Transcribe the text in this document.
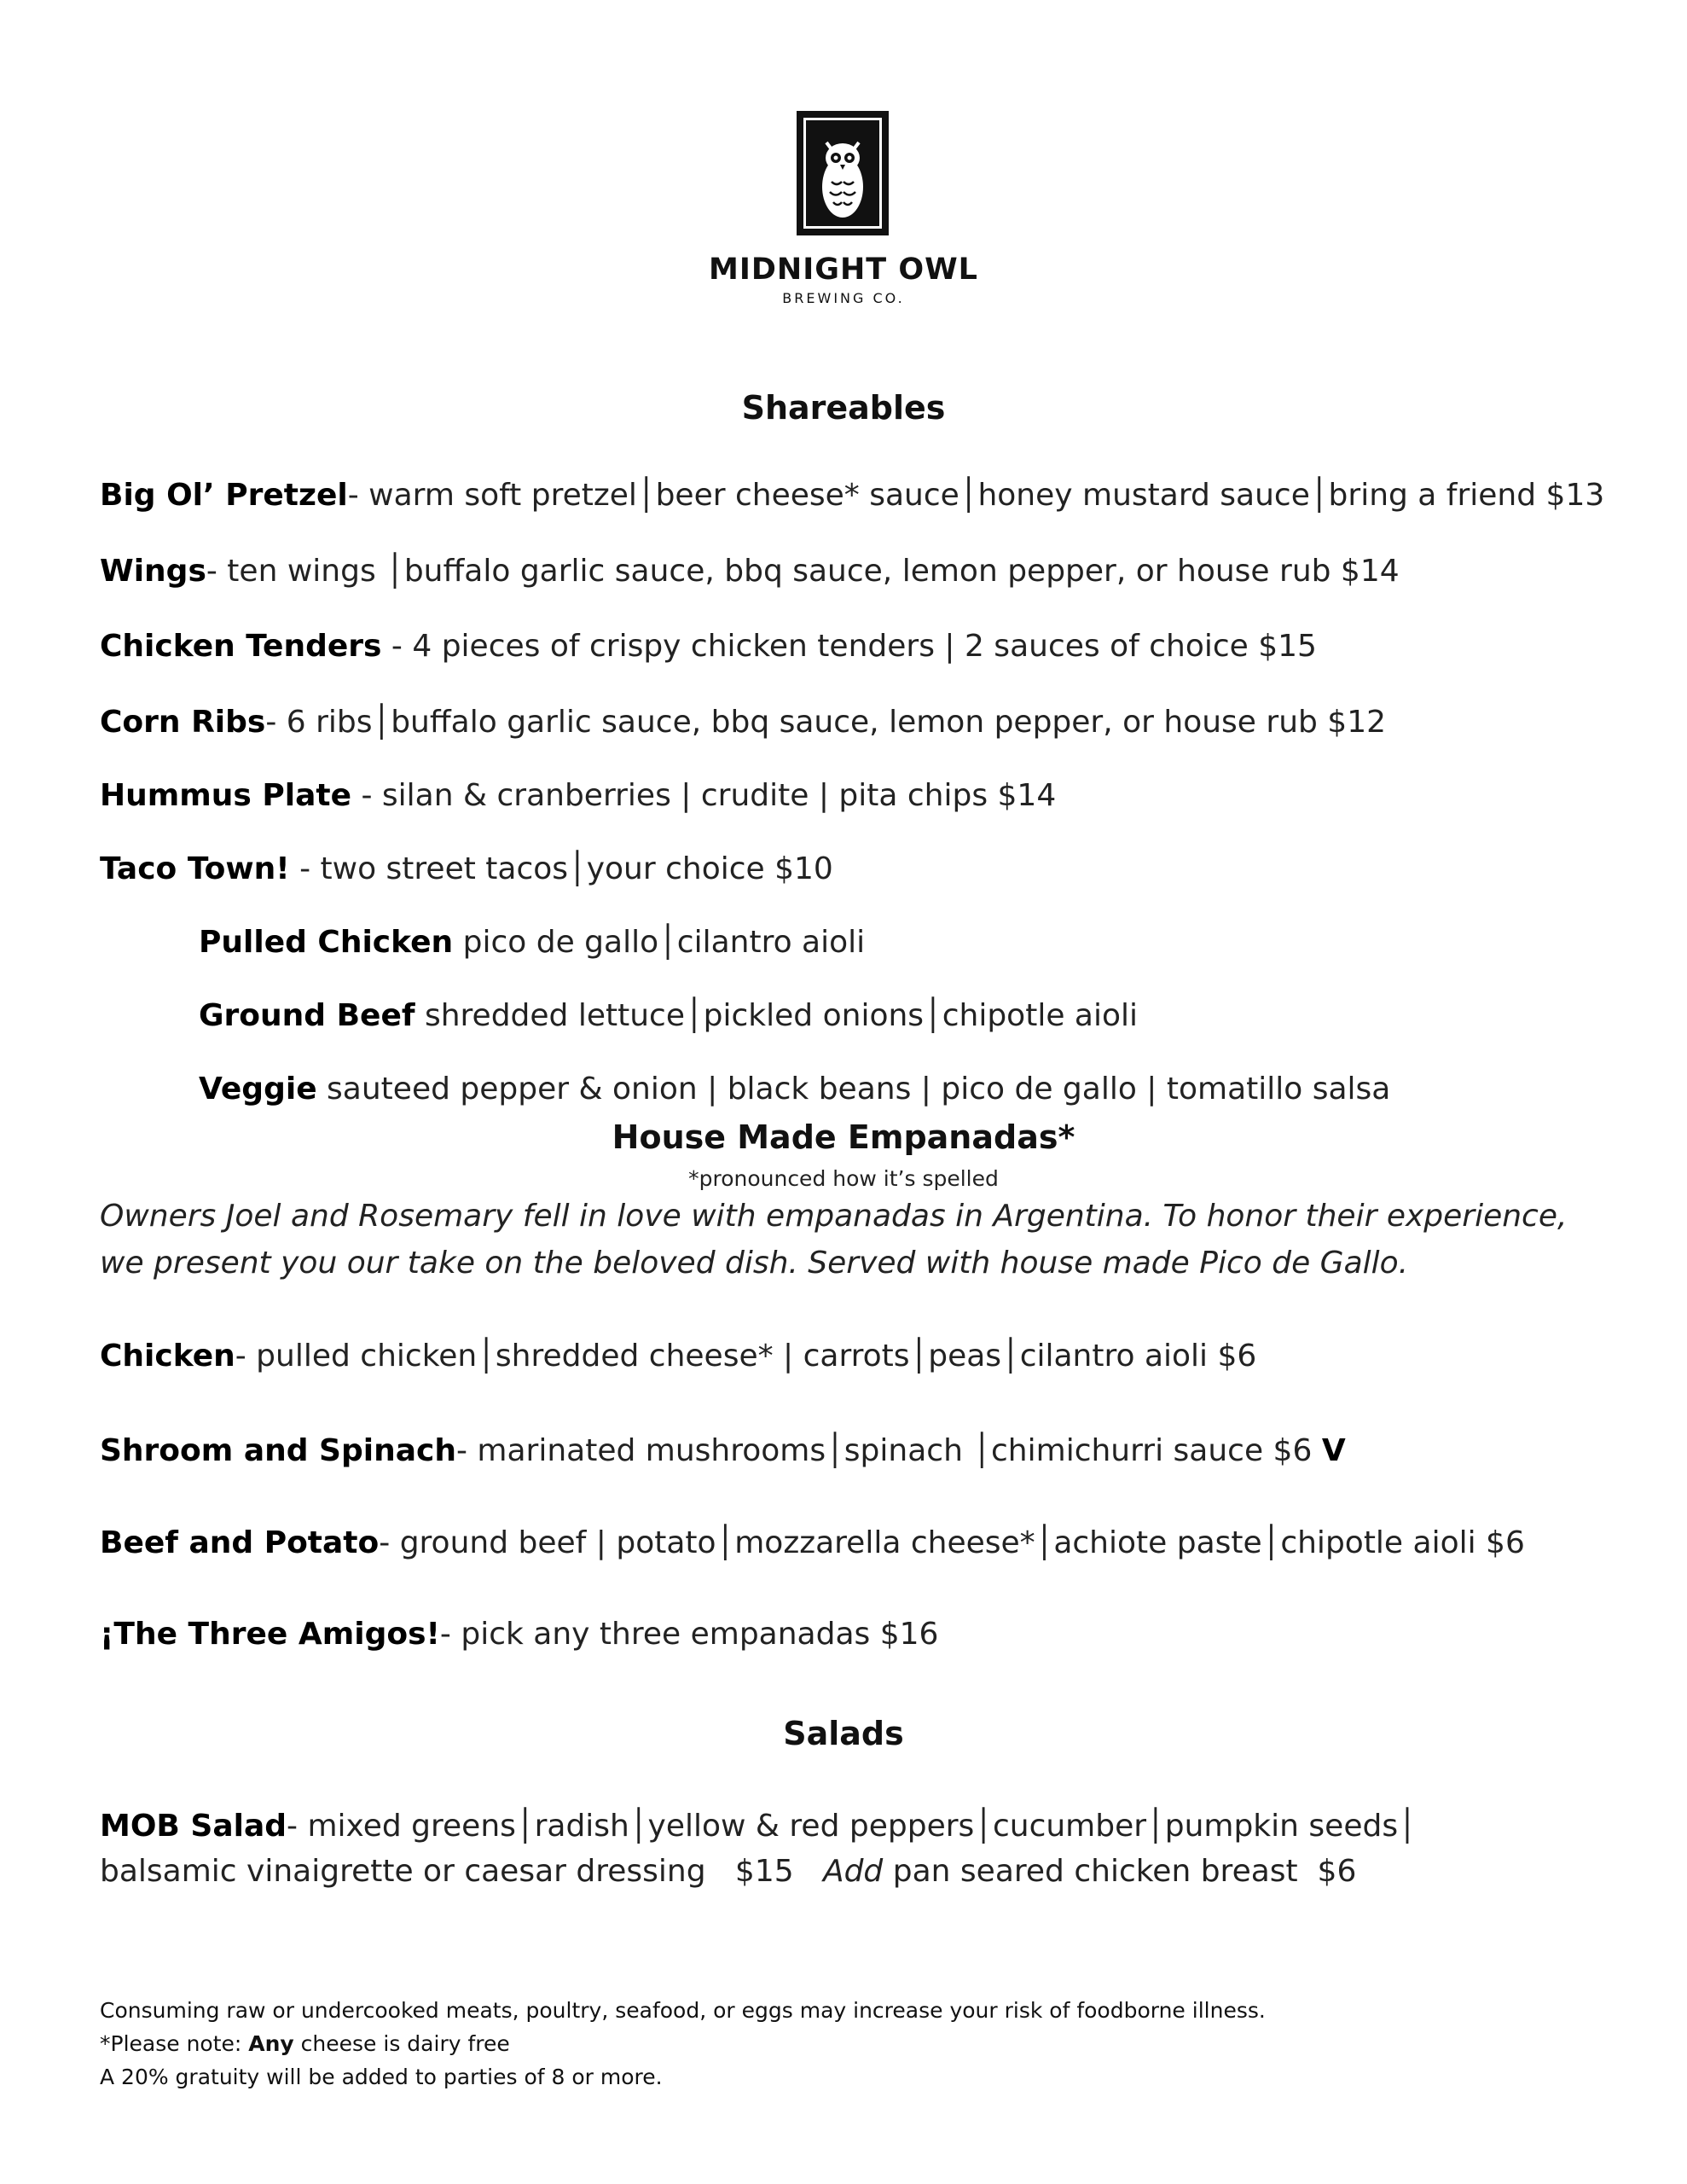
MIDNIGHT OWL
BREWING CO.
Shareables
Big Ol’ Pretzel- warm soft pretzel│beer cheese* sauce│honey mustard sauce│bring a friend $13
Wings- ten wings │buffalo garlic sauce, bbq sauce, lemon pepper, or house rub $14
Chicken Tenders - 4 pieces of crispy chicken tenders | 2 sauces of choice $15
Corn Ribs- 6 ribs│buffalo garlic sauce, bbq sauce, lemon pepper, or house rub $12
Hummus Plate - silan & cranberries | crudite | pita chips $14
Taco Town! - two street tacos│your choice $10
Pulled Chicken pico de gallo│cilantro aioli
Ground Beef shredded lettuce│pickled onions│chipotle aioli
Veggie sauteed pepper & onion | black beans | pico de gallo | tomatillo salsa
House Made Empanadas*
*pronounced how it’s spelled
Owners Joel and Rosemary fell in love with empanadas in Argentina. To honor their experience,
we present you our take on the beloved dish. Served with house made Pico de Gallo.
Chicken- pulled chicken│shredded cheese* | carrots│peas│cilantro aioli $6
Shroom and Spinach- marinated mushrooms│spinach │chimichurri sauce $6 V
Beef and Potato- ground beef | potato│mozzarella cheese*│achiote paste│chipotle aioli $6
¡The Three Amigos!- pick any three empanadas $16
Salads
MOB Salad- mixed greens│radish│yellow & red peppers│cucumber│pumpkin seeds│
balsamic vinaigrette or caesar dressing   $15   Add pan seared chicken breast  $6
Consuming raw or undercooked meats, poultry, seafood, or eggs may increase your risk of foodborne illness.
*Please note: Any cheese is dairy free
A 20% gratuity will be added to parties of 8 or more.
